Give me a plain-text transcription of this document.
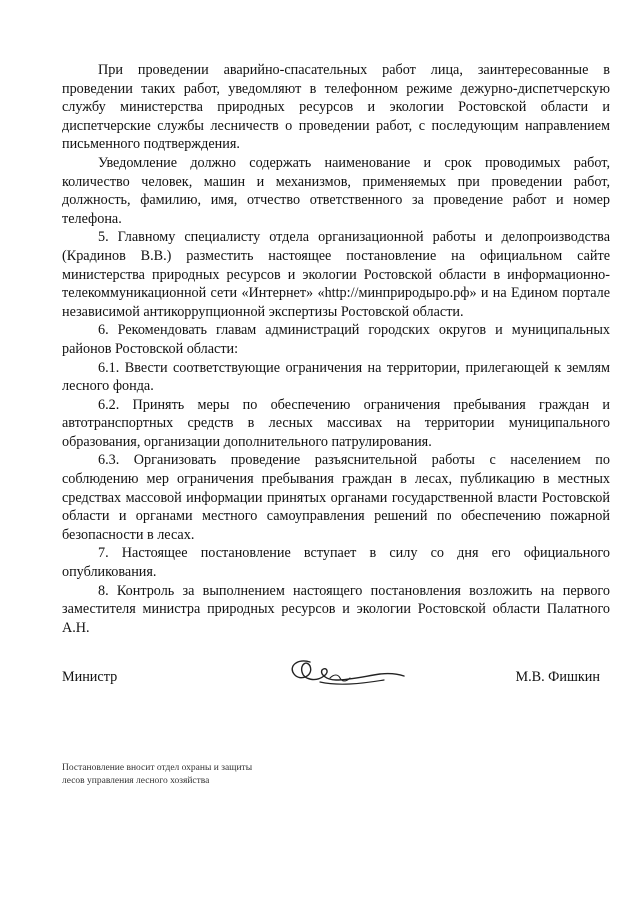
При проведении аварийно-спасательных работ лица, заинтересованные в проведении таких работ, уведомляют в телефонном режиме дежурно-диспетчерскую службу министерства природных ресурсов и экологии Ростовской области и диспетчерские службы лесничеств о проведении работ, с последующим направлением письменного подтверждения.

Уведомление должно содержать наименование и срок проводимых работ, количество человек, машин и механизмов, применяемых при проведении работ, должность, фамилию, имя, отчество ответственного за проведение работ и номер телефона.

5. Главному специалисту отдела организационной работы и делопроизводства (Крадинов В.В.) разместить настоящее постановление на официальном сайте министерства природных ресурсов и экологии Ростовской области в информационно-телекоммуникационной сети «Интернет» «http://минприродыро.рф» и на Едином портале независимой антикоррупционной экспертизы Ростовской области.

6. Рекомендовать главам администраций городских округов и муниципальных районов Ростовской области:

6.1. Ввести соответствующие ограничения на территории, прилегающей к землям лесного фонда.

6.2. Принять меры по обеспечению ограничения пребывания граждан и автотранспортных средств в лесных массивах на территории муниципального образования, организации дополнительного патрулирования.

6.3. Организовать проведение разъяснительной работы с населением по соблюдению мер ограничения пребывания граждан в лесах, публикацию в местных средствах массовой информации принятых органами государственной власти Ростовской области и органами местного самоуправления решений по обеспечению пожарной безопасности в лесах.

7. Настоящее постановление вступает в силу со дня его официального опубликования.

8. Контроль за выполнением настоящего постановления возложить на первого заместителя министра природных ресурсов и экологии Ростовской области Палатного А.Н.

Министр	М.В. Фишкин
Постановление вносит отдел охраны и защиты
лесов управления лесного хозяйства
